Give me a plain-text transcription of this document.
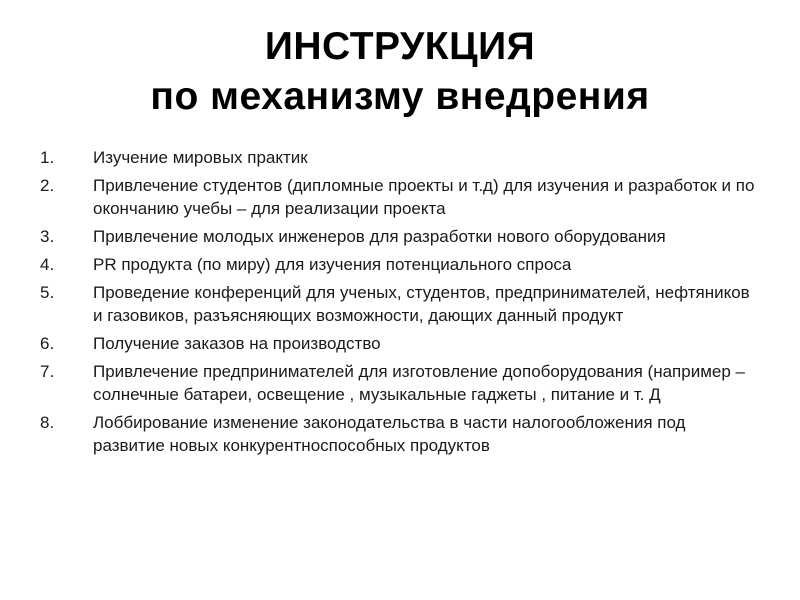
ИНСТРУКЦИЯ
по механизму внедрения
1.	Изучение мировых практик
2.	Привлечение студентов (дипломные проекты и т.д) для изучения и разработок и по окончанию учебы – для реализации проекта
3.	Привлечение молодых инженеров для разработки нового оборудования
4.	PR продукта (по миру) для изучения потенциального спроса
5.	Проведение конференций для ученых, студентов, предпринимателей, нефтяников и газовиков, разъясняющих возможности, дающих данный продукт
6.	Получение заказов на производство
7.	Привлечение предпринимателей для изготовление допоборудования (например – солнечные батареи, освещение , музыкальные гаджеты , питание и т. Д
8.	Лоббирование изменение законодательства в части налогообложения под развитие новых конкурентноспособных продуктов
